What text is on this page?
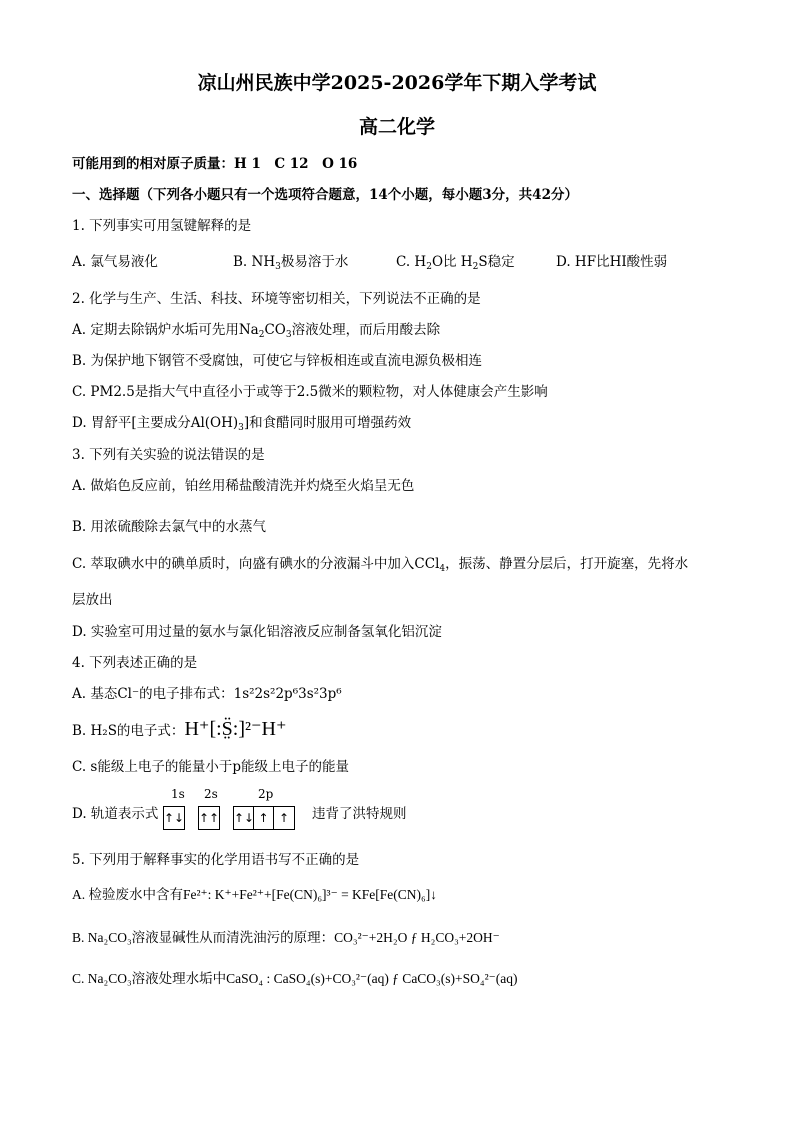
凉山州民族中学2025-2026学年下期入学考试
高二化学
可能用到的相对原子质量：H 1　C 12　O 16
一、选择题（下列各小题只有一个选项符合题意，14个小题，每小题3分，共42分）
1. 下列事实可用氢键解释的是
A. 氯气易液化	B. $NH_3$极易溶于水	C. $H_2O$比 $H_2S$稳定	D. HF比HI酸性弱
2. 化学与生产、生活、科技、环境等密切相关，下列说法不正确的是
A. 定期去除锅炉水垢可先用$Na_2CO_3$溶液处理，而后用酸去除
B. 为保护地下钢管不受腐蚀，可使它与锌板相连或直流电源负极相连
C. PM2.5是指大气中直径小于或等于2.5微米的颗粒物，对人体健康会产生影响
D. 胃舒平[主要成分$Al(OH)_3$]和食醋同时服用可增强药效
3. 下列有关实验的说法错误的是
A. 做焰色反应前，铂丝用稀盐酸清洗并灼烧至火焰呈无色
B. 用浓硫酸除去氯气中的水蒸气
C. 萃取碘水中的碘单质时，向盛有碘水的分液漏斗中加入CCl$_4$，振荡、静置分层后，打开旋塞，先将水
层放出
D. 实验室可用过量的氨水与氯化铝溶液反应制备氢氧化铝沉淀
4. 下列表述正确的是
A. 基态Cl⁻的电子排布式：1s²2s²2p⁶3s²3p⁶
B. H₂S的电子式：H⁺[:S̤̈:]²⁻H⁺
C. s能级上电子的能量小于p能级上电子的能量
D. 轨道表示式
1s 2s	2p
↑↓ ↑↑ ↑↓ ↑ ↑	违背了洪特规则
5. 下列用于解释事实的化学用语书写不正确的是
A. 检验废水中含有Fe²⁺: K⁺+Fe²⁺+[Fe(CN)₆]³⁻ = KFe[Fe(CN)₆]↓
B. Na₂CO₃溶液显碱性从而清洗油污的原理：CO₃²⁻+2H₂O ƒ H₂CO₃+2OH⁻
C. Na₂CO₃溶液处理水垢中CaSO₄ : CaSO₄(s)+CO₃²⁻(aq) ƒ CaCO₃(s)+SO₄²⁻(aq)
